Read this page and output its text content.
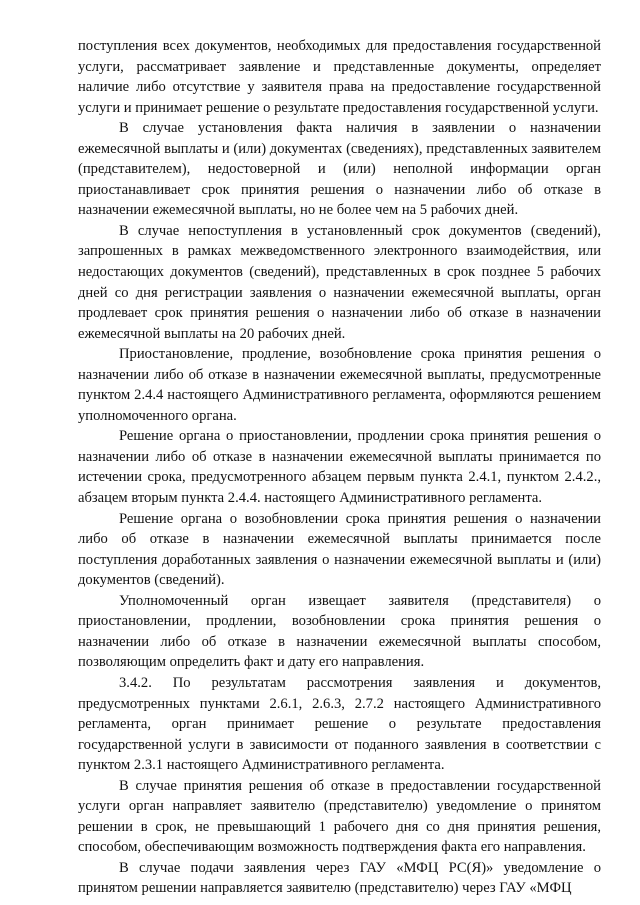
поступления всех документов, необходимых для предоставления государственной услуги, рассматривает заявление и представленные документы, определяет наличие либо отсутствие у заявителя права на предоставление государственной услуги и принимает решение о результате предоставления государственной услуги.

В случае установления факта наличия в заявлении о назначении ежемесячной выплаты и (или) документах (сведениях), представленных заявителем (представителем), недостоверной и (или) неполной информации орган приостанавливает срок принятия решения о назначении либо об отказе в назначении ежемесячной выплаты, но не более чем на 5 рабочих дней.

В случае непоступления в установленный срок документов (сведений), запрошенных в рамках межведомственного электронного взаимодействия, или недостающих документов (сведений), представленных в срок позднее 5 рабочих дней со дня регистрации заявления о назначении ежемесячной выплаты, орган продлевает срок принятия решения о назначении либо об отказе в назначении ежемесячной выплаты на 20 рабочих дней.

Приостановление, продление, возобновление срока принятия решения о назначении либо об отказе в назначении ежемесячной выплаты, предусмотренные пунктом 2.4.4 настоящего Административного регламента, оформляются решением уполномоченного органа.

Решение органа о приостановлении, продлении срока принятия решения о назначении либо об отказе в назначении ежемесячной выплаты принимается по истечении срока, предусмотренного абзацем первым пункта 2.4.1, пунктом 2.4.2., абзацем вторым пункта 2.4.4. настоящего Административного регламента.

Решение органа о возобновлении срока принятия решения о назначении либо об отказе в назначении ежемесячной выплаты принимается после поступления доработанных заявления о назначении ежемесячной выплаты и (или) документов (сведений).

Уполномоченный орган извещает заявителя (представителя) о приостановлении, продлении, возобновлении срока принятия решения о назначении либо об отказе в назначении ежемесячной выплаты способом, позволяющим определить факт и дату его направления.

3.4.2. По результатам рассмотрения заявления и документов, предусмотренных пунктами 2.6.1, 2.6.3, 2.7.2 настоящего Административного регламента, орган принимает решение о результате предоставления государственной услуги в зависимости от поданного заявления в соответствии с пунктом 2.3.1 настоящего Административного регламента.

В случае принятия решения об отказе в предоставлении государственной услуги орган направляет заявителю (представителю) уведомление о принятом решении в срок, не превышающий 1 рабочего дня со дня принятия решения, способом, обеспечивающим возможность подтверждения факта его направления.

В случае подачи заявления через ГАУ «МФЦ РС(Я)» уведомление о принятом решении направляется заявителю (представителю) через ГАУ «МФЦ
